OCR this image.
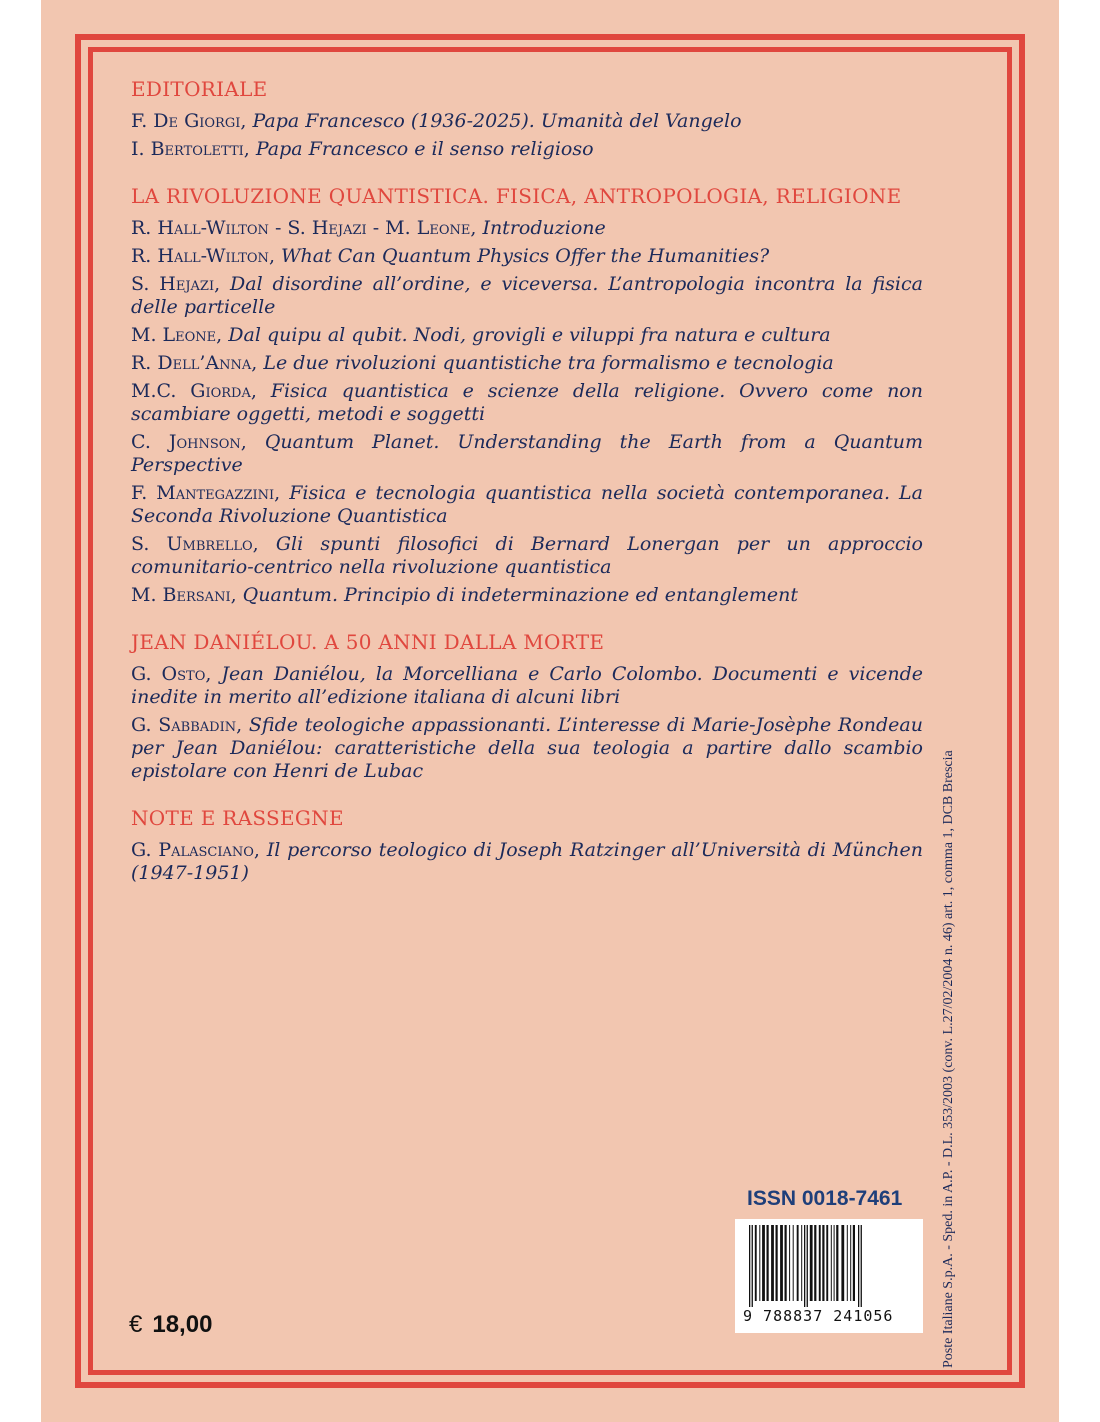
EDITORIALE
F. De Giorgi, Papa Francesco (1936-2025). Umanità del Vangelo
I. Bertoletti, Papa Francesco e il senso religioso
LA RIVOLUZIONE QUANTISTICA. FISICA, ANTROPOLOGIA, RELIGIONE
R. Hall-Wilton - S. Hejazi - M. Leone, Introduzione
R. Hall-Wilton, What Can Quantum Physics Offer the Humanities?
S. Hejazi, Dal disordine all’ordine, e viceversa. L’antropologia incontra la fisica delle particelle
M. Leone, Dal quipu al qubit. Nodi, grovigli e viluppi fra natura e cultura
R. Dell’Anna, Le due rivoluzioni quantistiche tra formalismo e tecnologia
M.C. Giorda, Fisica quantistica e scienze della religione. Ovvero come non scambiare oggetti, metodi e soggetti
C. Johnson, Quantum Planet. Understanding the Earth from a Quantum Perspective
F. Mantegazzini, Fisica e tecnologia quantistica nella società contemporanea. La Seconda Rivoluzione Quantistica
S. Umbrello, Gli spunti filosofici di Bernard Lonergan per un approccio comunitario-centrico nella rivoluzione quantistica
M. Bersani, Quantum. Principio di indeterminazione ed entanglement
JEAN DANIÉLOU. A 50 ANNI DALLA MORTE
G. Osto, Jean Daniélou, la Morcelliana e Carlo Colombo. Documenti e vicende inedite in merito all’edizione italiana di alcuni libri
G. Sabbadin, Sfide teologiche appassionanti. L’interesse di Marie-Josèphe Rondeau per Jean Daniélou: caratteristiche della sua teologia a partire dallo scambio epistolare con Henri de Lubac
NOTE E RASSEGNE
G. Palasciano, Il percorso teologico di Joseph Ratzinger all’Università di München (1947-1951)	Poste Italiane S.p.A. - Sped. in A.P. - D.L. 353/2003 (conv. L.27/02/2004 n. 46) art. 1, comma 1, DCB Brescia
ISSN 0018-7461
9 788837 241056
€ 18,00
